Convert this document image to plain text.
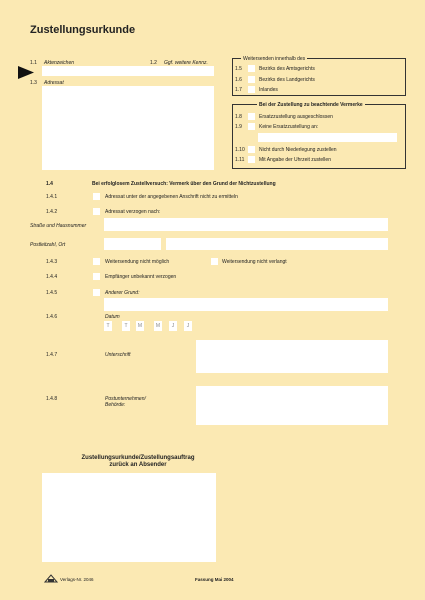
Zustellungsurkunde
1.1 Aktenzeichen	1.2 Ggf. weitere Kennz.
1.3 Adressat
Weitersenden innerhalb des
1.5	Bezirks des Amtsgerichts
1.6	Bezirks des Landgerichts
1.7	Inlandes
Bei der Zustellung zu beachtende Vermerke
1.8	Ersatzzustellung ausgeschlossen
1.9	Keine Ersatzzustellung an:
1.10	Nicht durch Niederlegung zustellen
1.11	Mit Angabe der Uhrzeit zustellen
1.4	Bei erfolglosem Zustellversuch: Vermerk über den Grund der Nichtzustellung
1.4.1	Adressat unter der angegebenen Anschrift nicht zu ermitteln
1.4.2	Adressat verzogen nach:
Straße und Hausnummer
Postleitzahl, Ort
1.4.3	Weitersendung nicht möglich	Weitersendung nicht verlangt
1.4.4	Empfänger unbekannt verzogen
1.4.5	Anderer Grund:
1.4.6	Datum
T	T	M	M	J	J
1.4.7	Unterschrift
1.4.8	Postunternehmen/
Behörde:
Zustellungsurkunde/Zustellungsauftrag
zurück an Absender
Verlags-Nr. 2046	Fassung Mai 2004
